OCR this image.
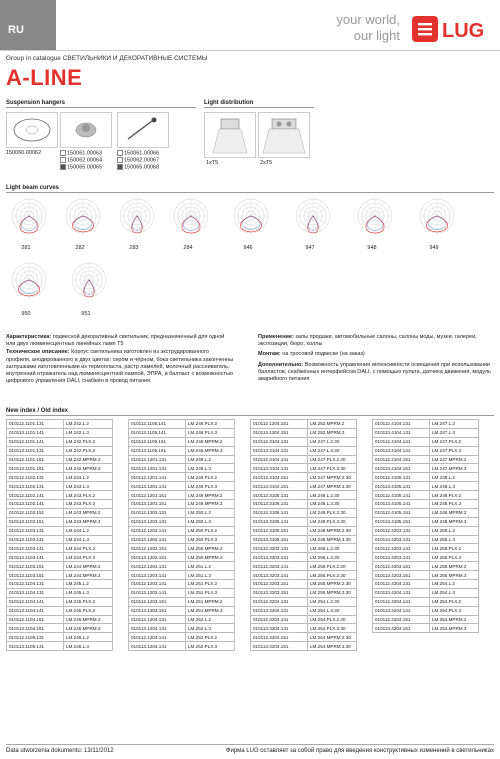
RU
your world,
our light LUG
Group in catalogue СВЕТИЛЬНИКИ И ДЕКОРАТИВНЫЕ СИСТЕМЫ
A-LINE
Suspension hangers
150060.00062	150061.00063
150062.00064
150065.00065
150061.00066
150062.00067
150065.00068
Light distribution
1xT5	2xT5
Light beam curves
281	282	283	284	946	947	948	949
950	951
Характеристика: подвесной декоративный светильник, предназначенный для одной или двух люминесцентных линейных ламп T5
Техническое описание: Корпус светильника изготовлен из экструдированного профиля, анодированного в двух цветах: сером и чёрном, бока светильника законченны заглушками изготовленными из термопласта, растр ламелей, молочный рассеиватель, внутренний отражатель над люминесцентной лампой, ЭПРА, и балласт с возможностью цифрового управления DALI, снабжён в провод питания.
Применение: залы продажи, автомобильные салоны, салоны моды, музеи, галереи, экспозиции, бюро, холлы
Монтаж: на тросовой подвеске (на заказ)
Дополнительно: Возможность управления интенсивности освещения при использовании балластов, снабжённых интерфейсом DALI, с помощью пульта, датчика движения, модуль аварийного питания
New index / Old index
010112.1101.131	LM.242.L.2
010113.1101.141	LM.242.L.3
010112.1101.141	LM.242.PLX.2
010113.1101.131	LM.242.PLX.3
010112.1101.151	LM.242.MPRM.2
010113.1101.151	LM.242.MPRM.3
010112.1102.131	LM.243.L.2
010113.1102.131	LM.243.L.3
010112.1102.141	LM.243.PLX.2
010113.1102.141	LM.243.PLX.3
010112.1102.151	LM.243.MPRM.2
010113.1102.151	LM.243.MPRM.3
010112.1103.131	LM.244.L.2
010113.1103.131	LM.244.L.3
010112.1103.141	LM.244.PLX.2
010113.1103.141	LM.244.PLX.3
010112.1103.151	LM.244.MPRM.2
010113.1103.151	LM.244.MPRM.3
010112.1104.131	LM.245.L.2
010113.1104.131	LM.245.L.3
010112.1104.141	LM.245.PLX.2
010113.1104.141	LM.245.PLX.3
010112.1104.151	LM.245.MPRM.2
010113.1104.151	LM.245.MPRM.3
010112.1105.131	LM.246.L.2
010113.1105.131	LM.246.L.3
010112.1105.141	LM.246.PLX.2
010113.1105.141	LM.246.PLX.3
010112.1105.151	LM.246.MPRM.2
010113.1105.151	LM.246.MPRM.3
010112.1201.131	LM.249.L.2
010113.1201.131	LM.249.L.3
010112.1201.141	LM.249.PLX.2
010113.1201.141	LM.249.PLX.3
010112.1201.151	LM.249.MPRM.2
010113.1201.151	LM.249.MPRM.3
010112.1202.131	LM.250.L.2
010113.1202.131	LM.250.L.3
010112.1202.141	LM.250.PLX.2
010113.1202.141	LM.250.PLX.3
010112.1202.151	LM.250.MPRM.2
010113.1202.151	LM.250.MPRM.3
010112.1203.131	LM.251.L.2
010113.1203.131	LM.251.L.3
010112.1203.141	LM.251.PLX.2
010113.1203.141	LM.251.PLX.3
010112.1203.151	LM.251.MPRM.2
010113.1203.151	LM.251.MPRM.3
010112.1204.131	LM.252.L.2
010113.1204.131	LM.252.L.3
010112.1204.141	LM.252.PLX.2
010113.1204.141	LM.252.PLX.3
010112.1204.151	LM.252.MPRM.2
010113.1204.151	LM.252.MPRM.3
010112.3104.131	LM.247.L.2.30
010113.3104.131	LM.247.L.3.30
010112.3104.141	LM.247.PLX.2.30
010113.3104.141	LM.247.PLX.3.30
010112.3104.151	LM.247.MPRM.2.30
010113.3104.151	LM.247.MPRM.3.30
010112.3105.131	LM.248.L.2.30
010113.3105.131	LM.248.L.3.30
010112.3105.141	LM.248.PLX.2.30
010113.3105.141	LM.248.PLX.3.30
010112.3105.151	LM.248.MPRM.2.30
010113.3105.151	LM.248.MPRM.3.30
010112.3203.131	LM.255.L.2.30
010113.3203.131	LM.255.L.3.30
010112.3203.141	LM.255.PLX.2.30
010113.3203.141	LM.255.PLX.3.30
010112.3203.151	LM.255.MPRM.2.30
010113.3203.151	LM.255.MPRM.3.30
010112.3204.131	LM.254.L.2.30
010113.3204.131	LM.254.L.3.30
010112.3204.141	LM.254.PLX.2.30
010113.3204.141	LM.254.PLX.3.30
010112.3204.151	LM.254.MPRM.2.30
010113.3204.151	LM.254.MPRM.3.30
010112.4104.131	LM.247.L.2
010113.4104.131	LM.247.L.3
010112.4104.141	LM.247.PLX.2
010113.4104.141	LM.247.PLX.3
010112.4104.151	LM.247.MPRM.2
010113.4104.151	LM.247.MPRM.3
010112.4105.131	LM.248.L.2
010113.4105.131	LM.248.L.3
010112.4105.141	LM.248.PLX.2
010113.4105.141	LM.248.PLX.3
010112.4105.151	LM.248.MPRM.2
010113.4105.151	LM.248.MPRM.3
010112.4203.131	LM.255.L.2
010113.4203.131	LM.255.L.3
010112.4203.141	LM.255.PLX.2
010113.4203.141	LM.255.PLX.3
010112.4203.151	LM.255.MPRM.2
010113.4203.151	LM.255.MPRM.3
010112.4204.131	LM.254.L.2
010113.4204.131	LM.254.L.3
010112.4204.141	LM.254.PLX.2
010113.4204.141	LM.254.PLX.3
010112.4204.151	LM.254.MPRM.2
010113.4204.151	LM.254.MPRM.3
Data utworzenia dokumentu: 13/11/2012	Фирма LUG оставляет за собой право для введения конструктивных изменений в светильниках
